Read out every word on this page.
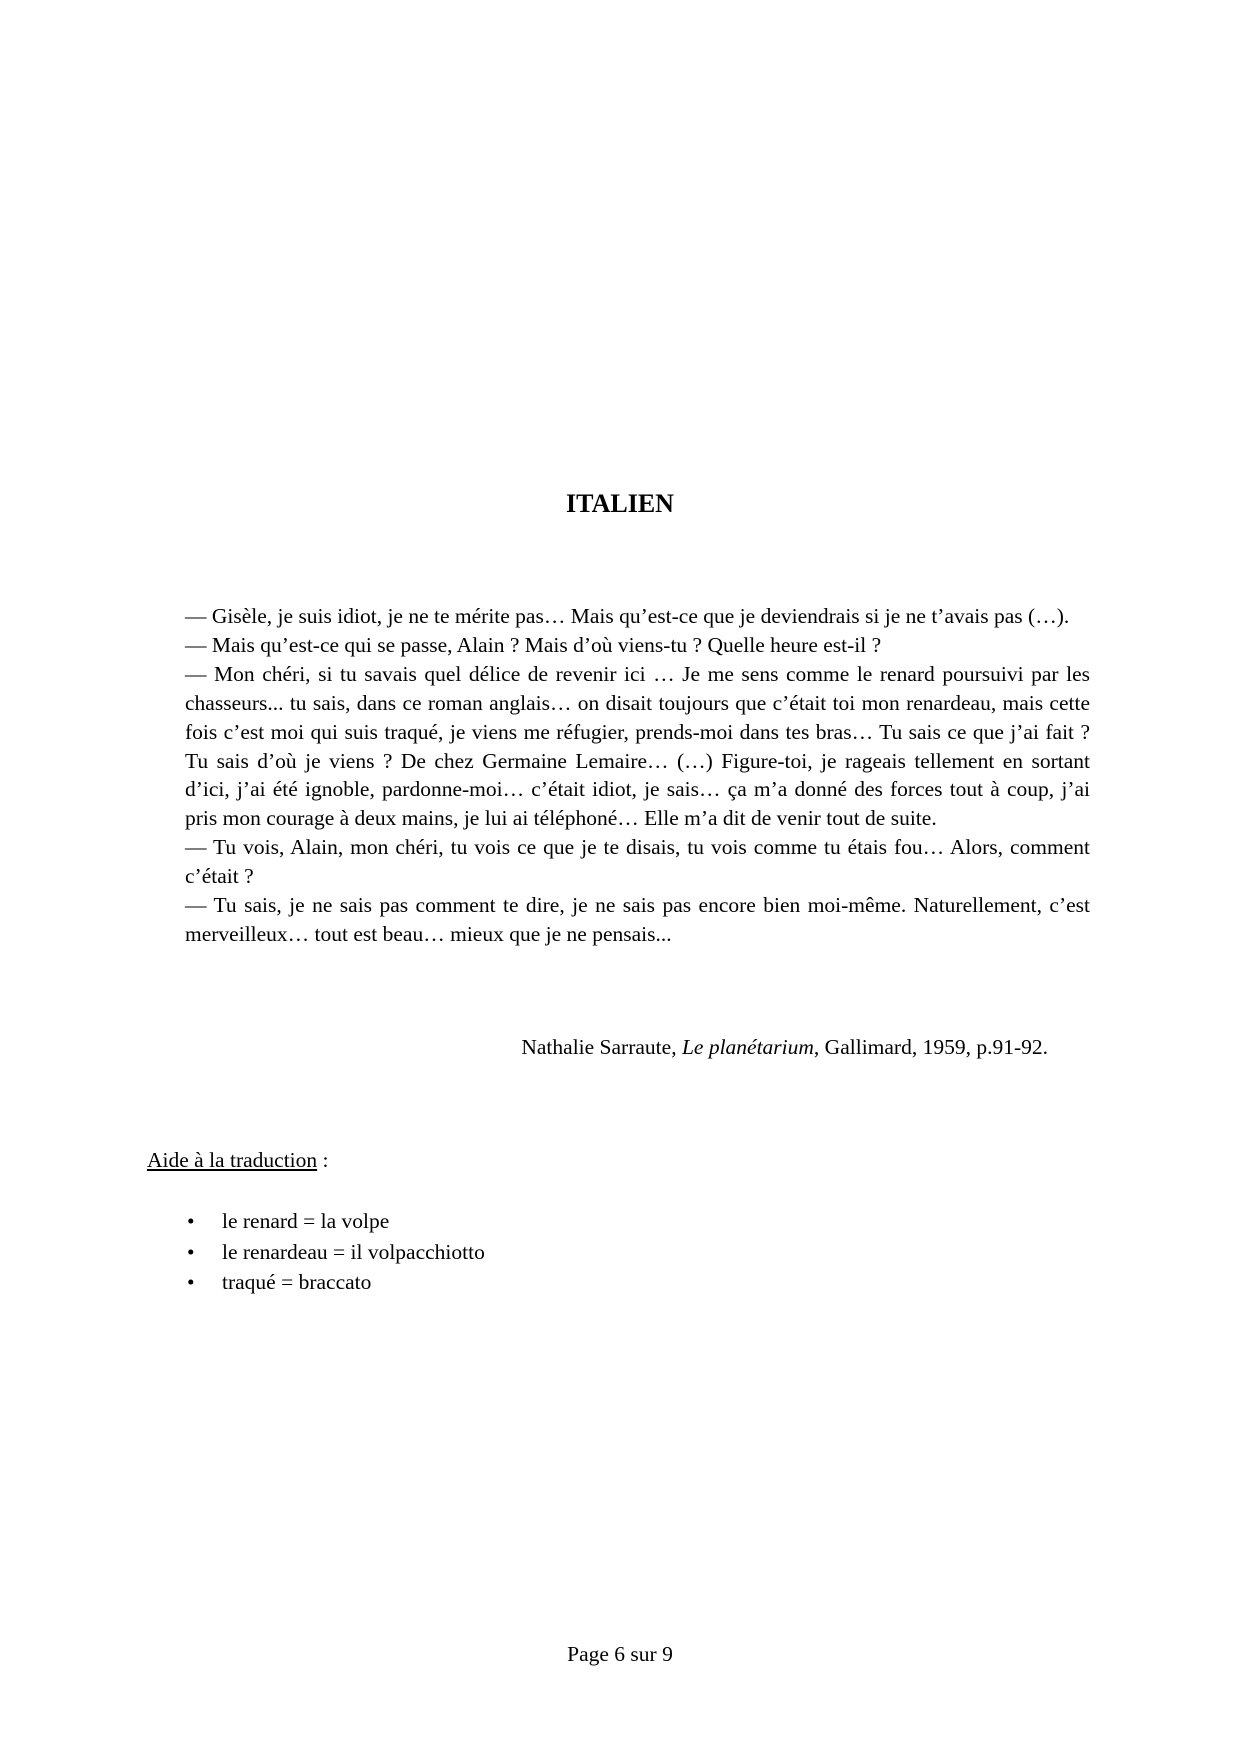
ITALIEN

— Gisèle, je suis idiot, je ne te mérite pas… Mais qu’est-ce que je deviendrais si je ne t’avais pas (…).

— Mais qu’est-ce qui se passe, Alain ? Mais d’où viens-tu ? Quelle heure est-il ?

— Mon chéri, si tu savais quel délice de revenir ici … Je me sens comme le renard poursuivi par les chasseurs... tu sais, dans ce roman anglais… on disait toujours que c’était toi mon renardeau, mais cette fois c’est moi qui suis traqué, je viens me réfugier, prends-moi dans tes bras… Tu sais ce que j’ai fait ? Tu sais d’où je viens ? De chez Germaine Lemaire… (…) Figure-toi, je rageais tellement en sortant d’ici, j’ai été ignoble, pardonne-moi… c’était idiot, je sais… ça m’a donné des forces tout à coup, j’ai pris mon courage à deux mains, je lui ai téléphoné… Elle m’a dit de venir tout de suite.

— Tu vois, Alain, mon chéri, tu vois ce que je te disais, tu vois comme tu étais fou… Alors, comment c’était ?

— Tu sais, je ne sais pas comment te dire, je ne sais pas encore bien moi-même. Naturellement, c’est merveilleux… tout est beau… mieux que je ne pensais...

Nathalie Sarraute, Le planétarium, Gallimard, 1959, p.91-92.
Aide à la traduction :
• le renard = la volpe
• le renardeau = il volpacchiotto
• traqué = braccato
Page 6 sur 9
